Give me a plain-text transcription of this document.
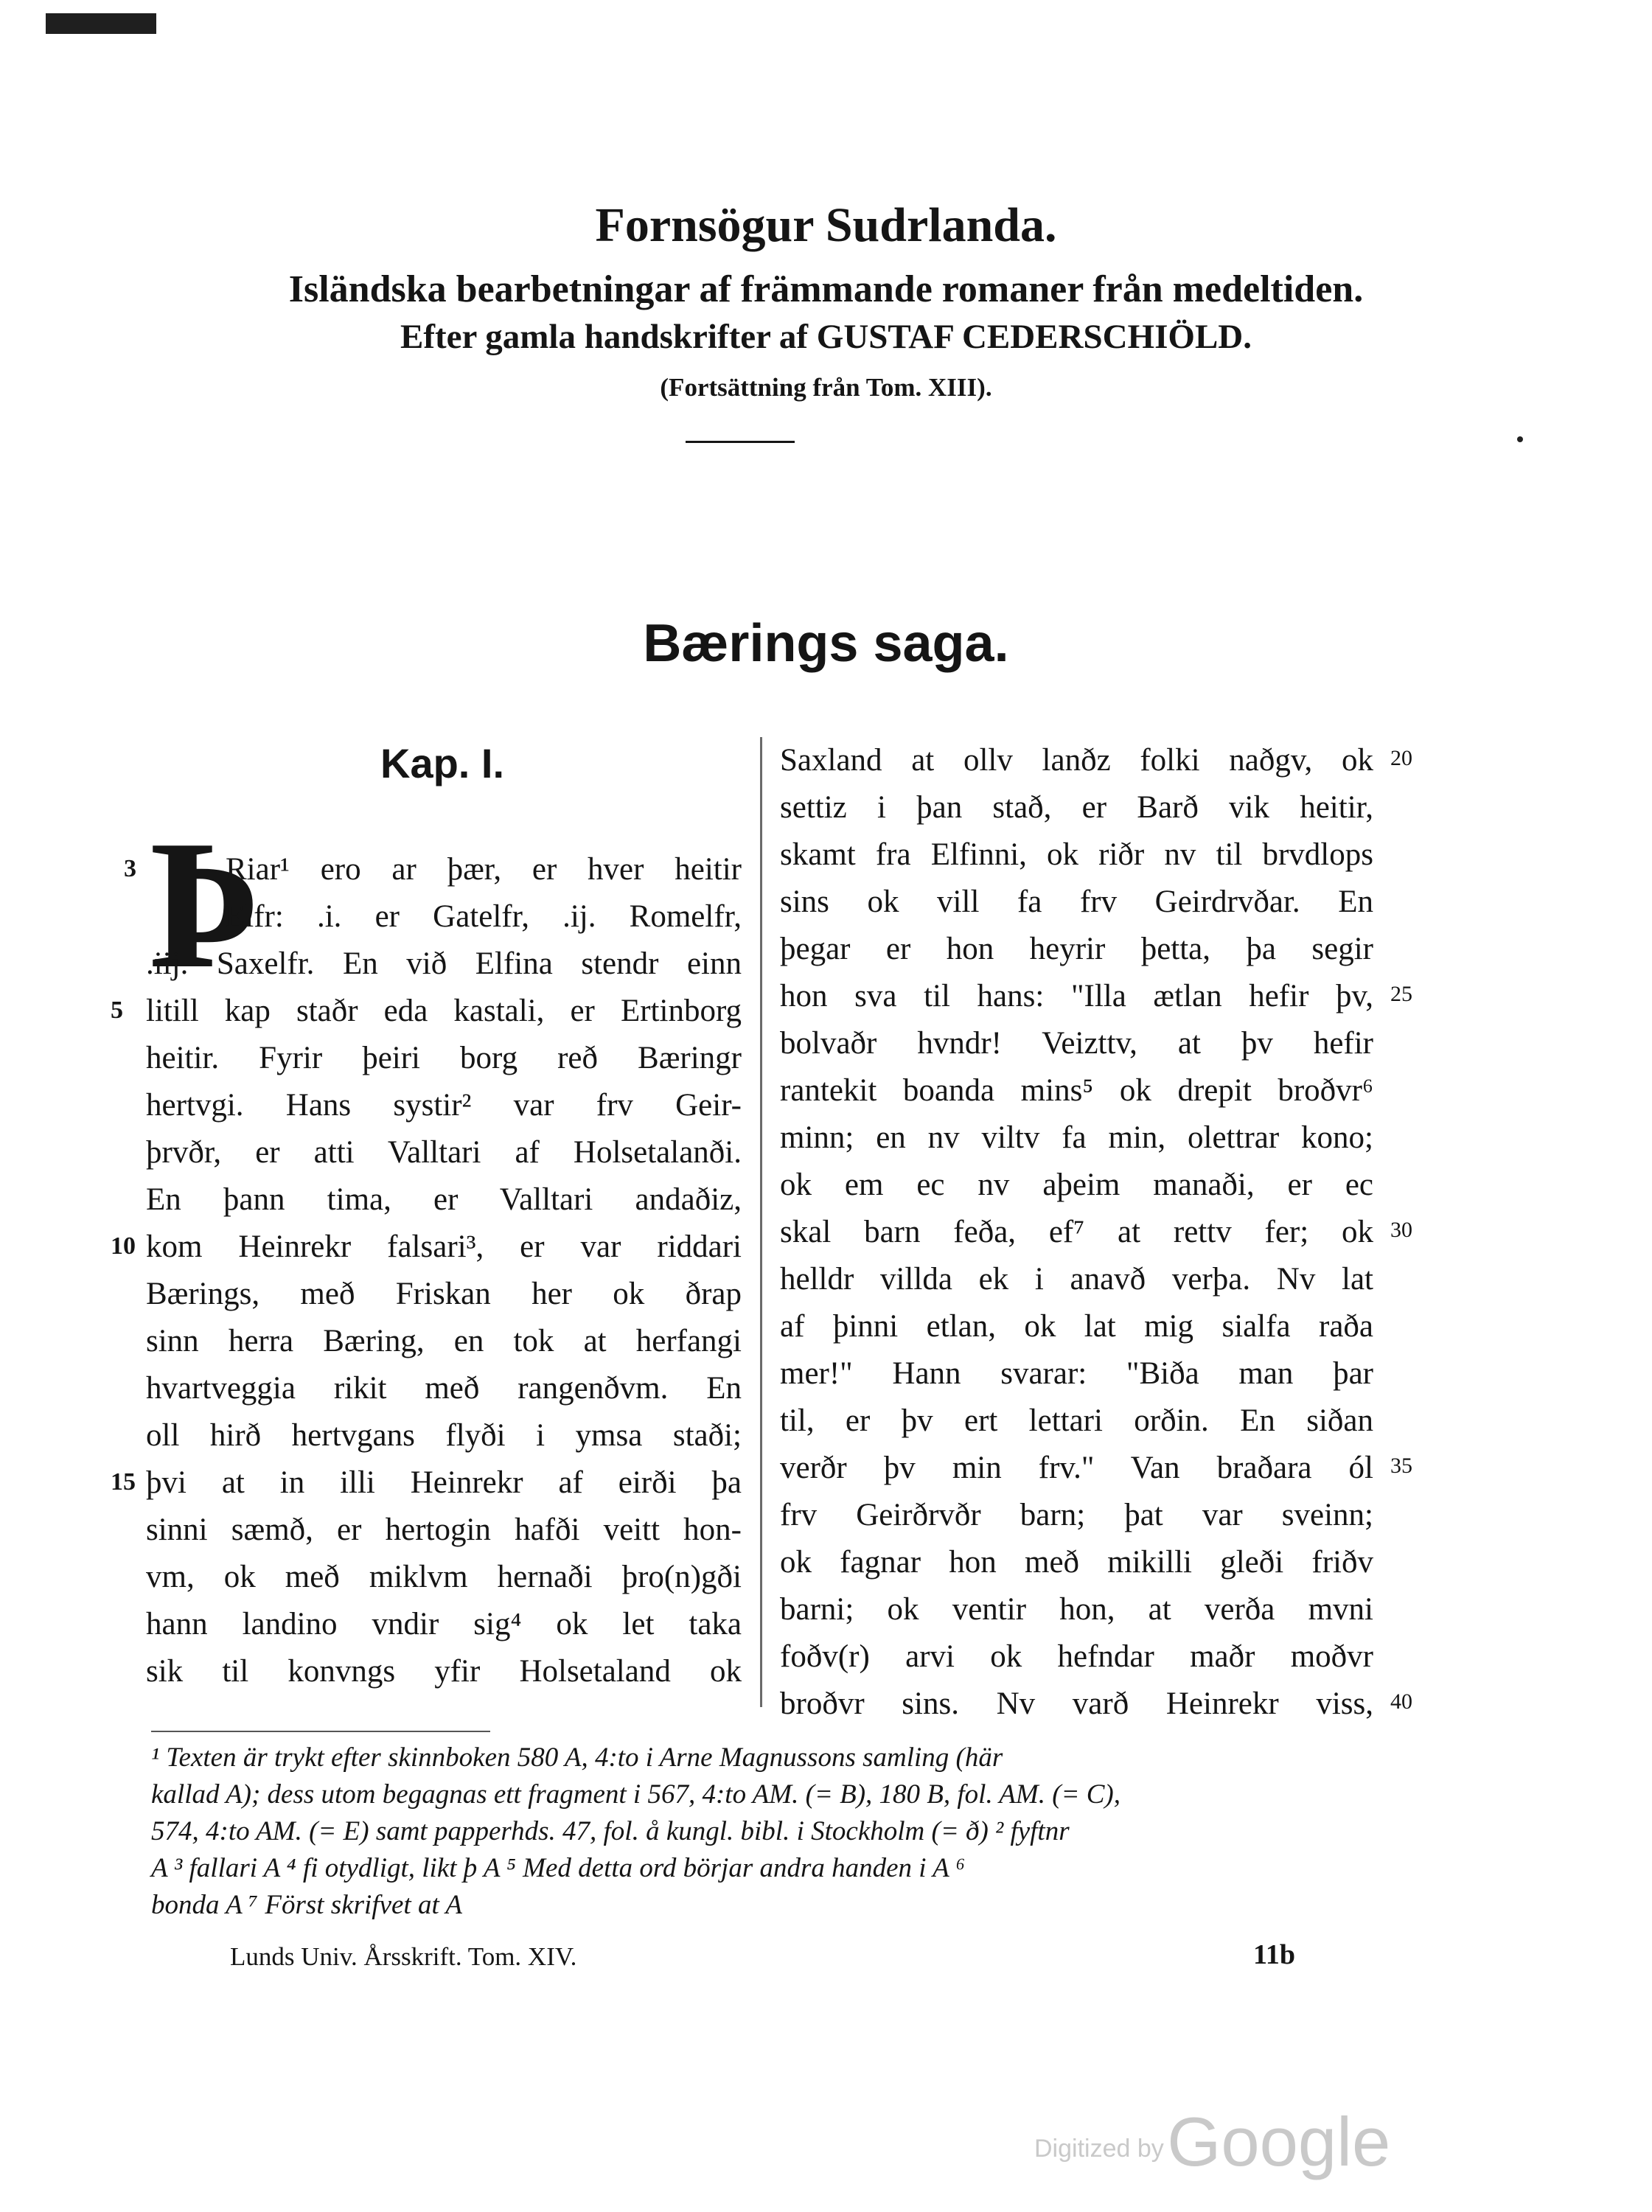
Fornsögur Sudrlanda.
Isländska bearbetningar af främmande romaner från medeltiden.
Efter gamla handskrifter af GUSTAF CEDERSCHIÖLD.
(Fortsättning från Tom. XIII).
Bærings saga.
Kap. I.
Þ
Riar¹ ero ar þær, er hver heitir
3
Elfr: .i. er Gatelfr, .ij. Romelfr,
.iij. Saxelfr. En við Elfina stendr einn
litill kap staðr eda kastali, er Ertinborg
5
heitir. Fyrir þeiri borg reð Bæringr
hertvgi. Hans systir² var frv Geir-
þrvðr, er atti Valltari af Holsetalanði.
En þann tima, er Valltari andaðiz,
kom Heinrekr falsari³, er var riddari
10
Bærings, með Friskan her ok ðrap
sinn herra Bæring, en tok at herfangi
hvartveggia rikit með rangenðvm. En
oll hirð hertvgans flyði i ymsa staði;
þvi at in illi Heinrekr af eirði þa
15
sinni sæmð, er hertogin hafði veitt hon-
vm, ok með miklvm hernaði þro(n)gði
hann landino vndir sig⁴ ok let taka
sik til konvngs yfir Holsetaland ok
Saxland at ollv lanðz folki naðgv, ok 20
settiz i þan stað, er Barð vik heitir,
skamt fra Elfinni, ok riðr nv til brvdlops
sins ok vill fa frv Geirdrvðar. En
þegar er hon heyrir þetta, þa segir
hon sva til hans: "Illa ætlan hefir þv, 25
bolvaðr hvndr! Veizttv, at þv hefir
rantekit boanda mins⁵ ok drepit broðvr⁶
minn; en nv viltv fa min, olettrar kono;
ok em ec nv aþeim manaði, er ec
skal barn feða, ef⁷ at rettv fer; ok 30
helldr villda ek i anavð verþa. Nv lat
af þinni etlan, ok lat mig sialfa raða
mer!" Hann svarar: "Biða man þar
til, er þv ert lettari orðin. En siðan
verðr þv min frv." Van braðara ól 35
frv Geirðrvðr barn; þat var sveinn;
ok fagnar hon með mikilli gleði friðv
barni; ok ventir hon, at verða mvni
foðv(r) arvi ok hefndar maðr moðvr
broðvr sins. Nv varð Heinrekr viss, 40

¹ Texten är trykt efter skinnboken 580 A, 4:to i Arne Magnussons samling (här

kallad A); dess utom begagnas ett fragment i 567, 4:to AM. (= B), 180 B, fol. AM. (= C),

574, 4:to AM. (= E) samt papperhds. 47, fol. å kungl. bibl. i Stockholm (= ð) ² fyftnr

A ³ fallari A ⁴ fi otydligt, likt þ A ⁵ Med detta ord börjar andra handen i A ⁶

bonda A ⁷ Först skrifvet at A

Lunds Univ. Årsskrift. Tom. XIV.	11b
Digitized by Google
